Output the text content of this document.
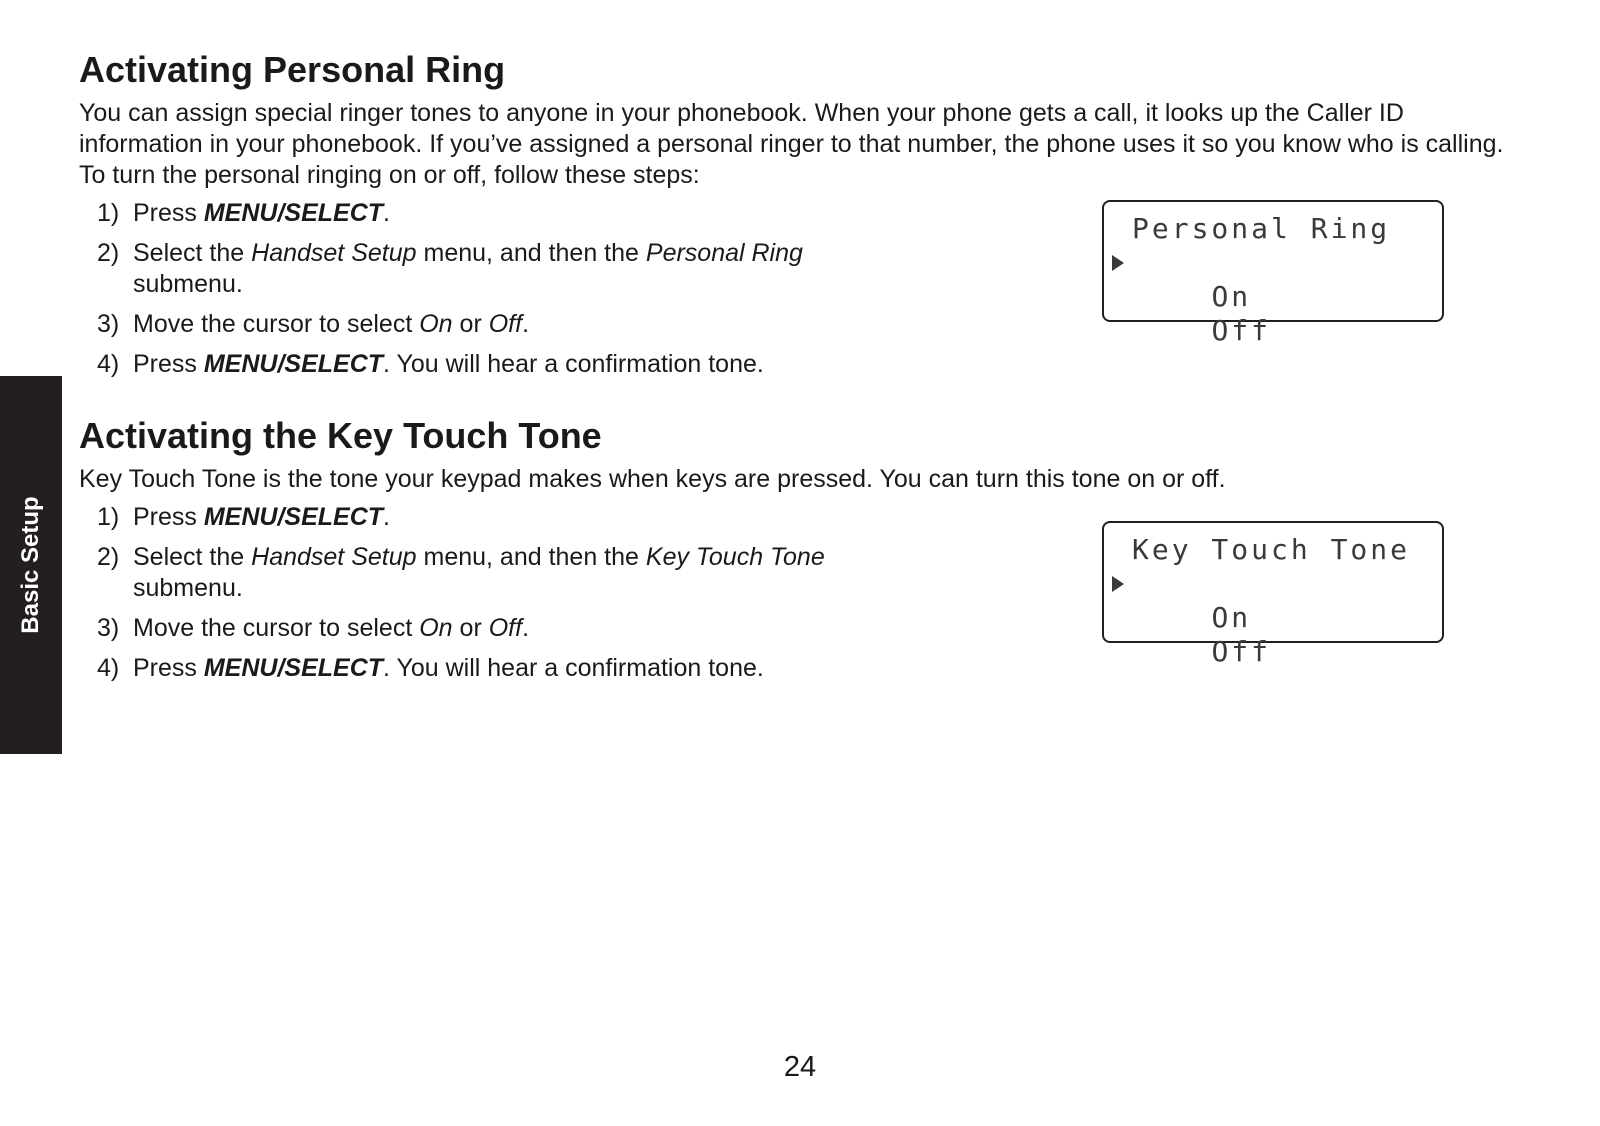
Basic Setup
Activating Personal Ring

You can assign special ringer tones to anyone in your phonebook. When your phone gets a call, it looks up the Caller ID information in your phonebook. If you’ve assigned a personal ringer to that number, the phone uses it so you know who is calling. To turn the personal ringing on or off, follow these steps:

1) Press MENU/SELECT.
2) Select the Handset Setup menu, and then the Personal Ring submenu.
3) Move the cursor to select On or Off.
4) Press MENU/SELECT. You will hear a confirmation tone.
Personal Ring

On

Off

Activating the Key Touch Tone

Key Touch Tone is the tone your keypad makes when keys are pressed. You can turn this tone on or off.

1) Press MENU/SELECT.
2) Select the Handset Setup menu, and then the Key Touch Tone submenu.
3) Move the cursor to select On or Off.
4) Press MENU/SELECT. You will hear a confirmation tone.
Key Touch Tone

On

Off

24
